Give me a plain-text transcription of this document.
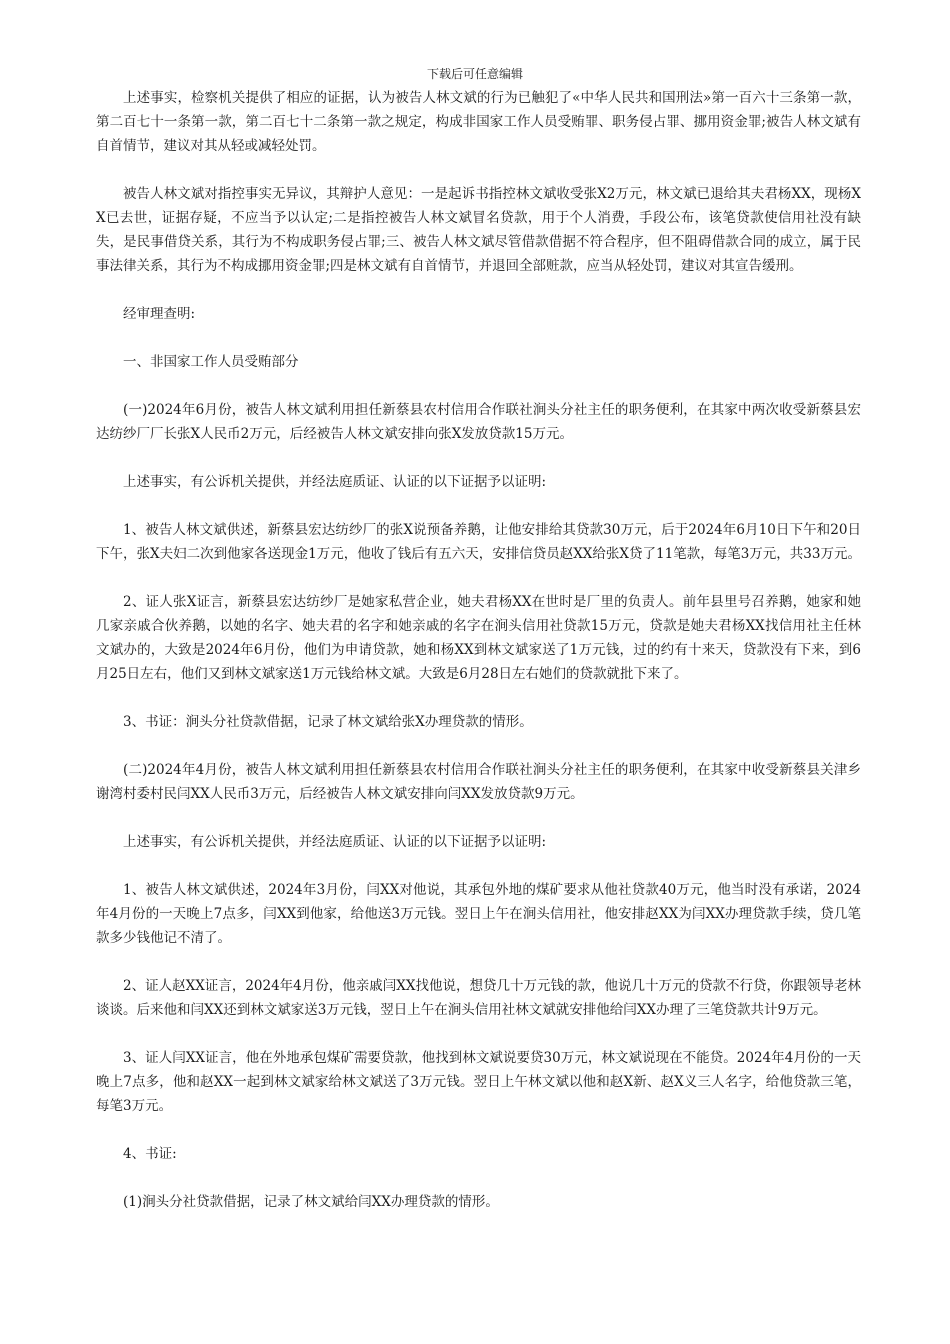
下载后可任意编辑

上述事实，检察机关提供了相应的证据，认为被告人林文斌的行为已触犯了«中华人民共和国刑法»第一百六十三条第一款，第二百七十一条第一款，第二百七十二条第一款之规定，构成非国家工作人员受贿罪、职务侵占罪、挪用资金罪;被告人林文斌有自首情节，建议对其从轻或减轻处罚。

被告人林文斌对指控事实无异议，其辩护人意见：一是起诉书指控林文斌收受张X2万元，林文斌已退给其夫君杨XX，现杨XX已去世，证据存疑，不应当予以认定;二是指控被告人林文斌冒名贷款，用于个人消费，手段公布，该笔贷款使信用社没有缺失，是民事借贷关系，其行为不构成职务侵占罪;三、被告人林文斌尽管借款借据不符合程序，但不阻碍借款合同的成立，属于民事法律关系，其行为不构成挪用资金罪;四是林文斌有自首情节，并退回全部赃款，应当从轻处罚，建议对其宣告缓刑。

经审理查明:

一、非国家工作人员受贿部分

(一)2024年6月份，被告人林文斌利用担任新蔡县农村信用合作联社涧头分社主任的职务便利，在其家中两次收受新蔡县宏达纺纱厂厂长张X人民币2万元，后经被告人林文斌安排向张X发放贷款15万元。

上述事实，有公诉机关提供，并经法庭质证、认证的以下证据予以证明:

1、被告人林文斌供述，新蔡县宏达纺纱厂的张X说预备养鹅，让他安排给其贷款30万元，后于2024年6月10日下午和20日下午，张X夫妇二次到他家各送现金1万元，他收了钱后有五六天，安排信贷员赵XX给张X贷了11笔款，每笔3万元，共33万元。

2、证人张X证言，新蔡县宏达纺纱厂是她家私营企业，她夫君杨XX在世时是厂里的负责人。前年县里号召养鹅，她家和她几家亲戚合伙养鹅，以她的名字、她夫君的名字和她亲戚的名字在涧头信用社贷款15万元，贷款是她夫君杨XX找信用社主任林文斌办的，大致是2024年6月份，他们为申请贷款，她和杨XX到林文斌家送了1万元钱，过的约有十来天，贷款没有下来，到6月25日左右，他们又到林文斌家送1万元钱给林文斌。大致是6月28日左右她们的贷款就批下来了。

3、书证：涧头分社贷款借据，记录了林文斌给张X办理贷款的情形。

(二)2024年4月份，被告人林文斌利用担任新蔡县农村信用合作联社涧头分社主任的职务便利，在其家中收受新蔡县关津乡谢湾村委村民闫XX人民币3万元，后经被告人林文斌安排向闫XX发放贷款9万元。

上述事实，有公诉机关提供，并经法庭质证、认证的以下证据予以证明:

1、被告人林文斌供述，2024年3月份，闫XX对他说，其承包外地的煤矿要求从他社贷款40万元，他当时没有承诺，2024年4月份的一天晚上7点多，闫XX到他家，给他送3万元钱。翌日上午在涧头信用社，他安排赵XX为闫XX办理贷款手续，贷几笔款多少钱他记不清了。

2、证人赵XX证言，2024年4月份，他亲戚闫XX找他说，想贷几十万元钱的款，他说几十万元的贷款不行贷，你跟领导老林谈谈。后来他和闫XX还到林文斌家送3万元钱，翌日上午在涧头信用社林文斌就安排他给闫XX办理了三笔贷款共计9万元。

3、证人闫XX证言，他在外地承包煤矿需要贷款，他找到林文斌说要贷30万元，林文斌说现在不能贷。2024年4月份的一天晚上7点多，他和赵XX一起到林文斌家给林文斌送了3万元钱。翌日上午林文斌以他和赵X新、赵X义三人名字，给他贷款三笔，每笔3万元。

4、书证:

(1)涧头分社贷款借据，记录了林文斌给闫XX办理贷款的情形。
